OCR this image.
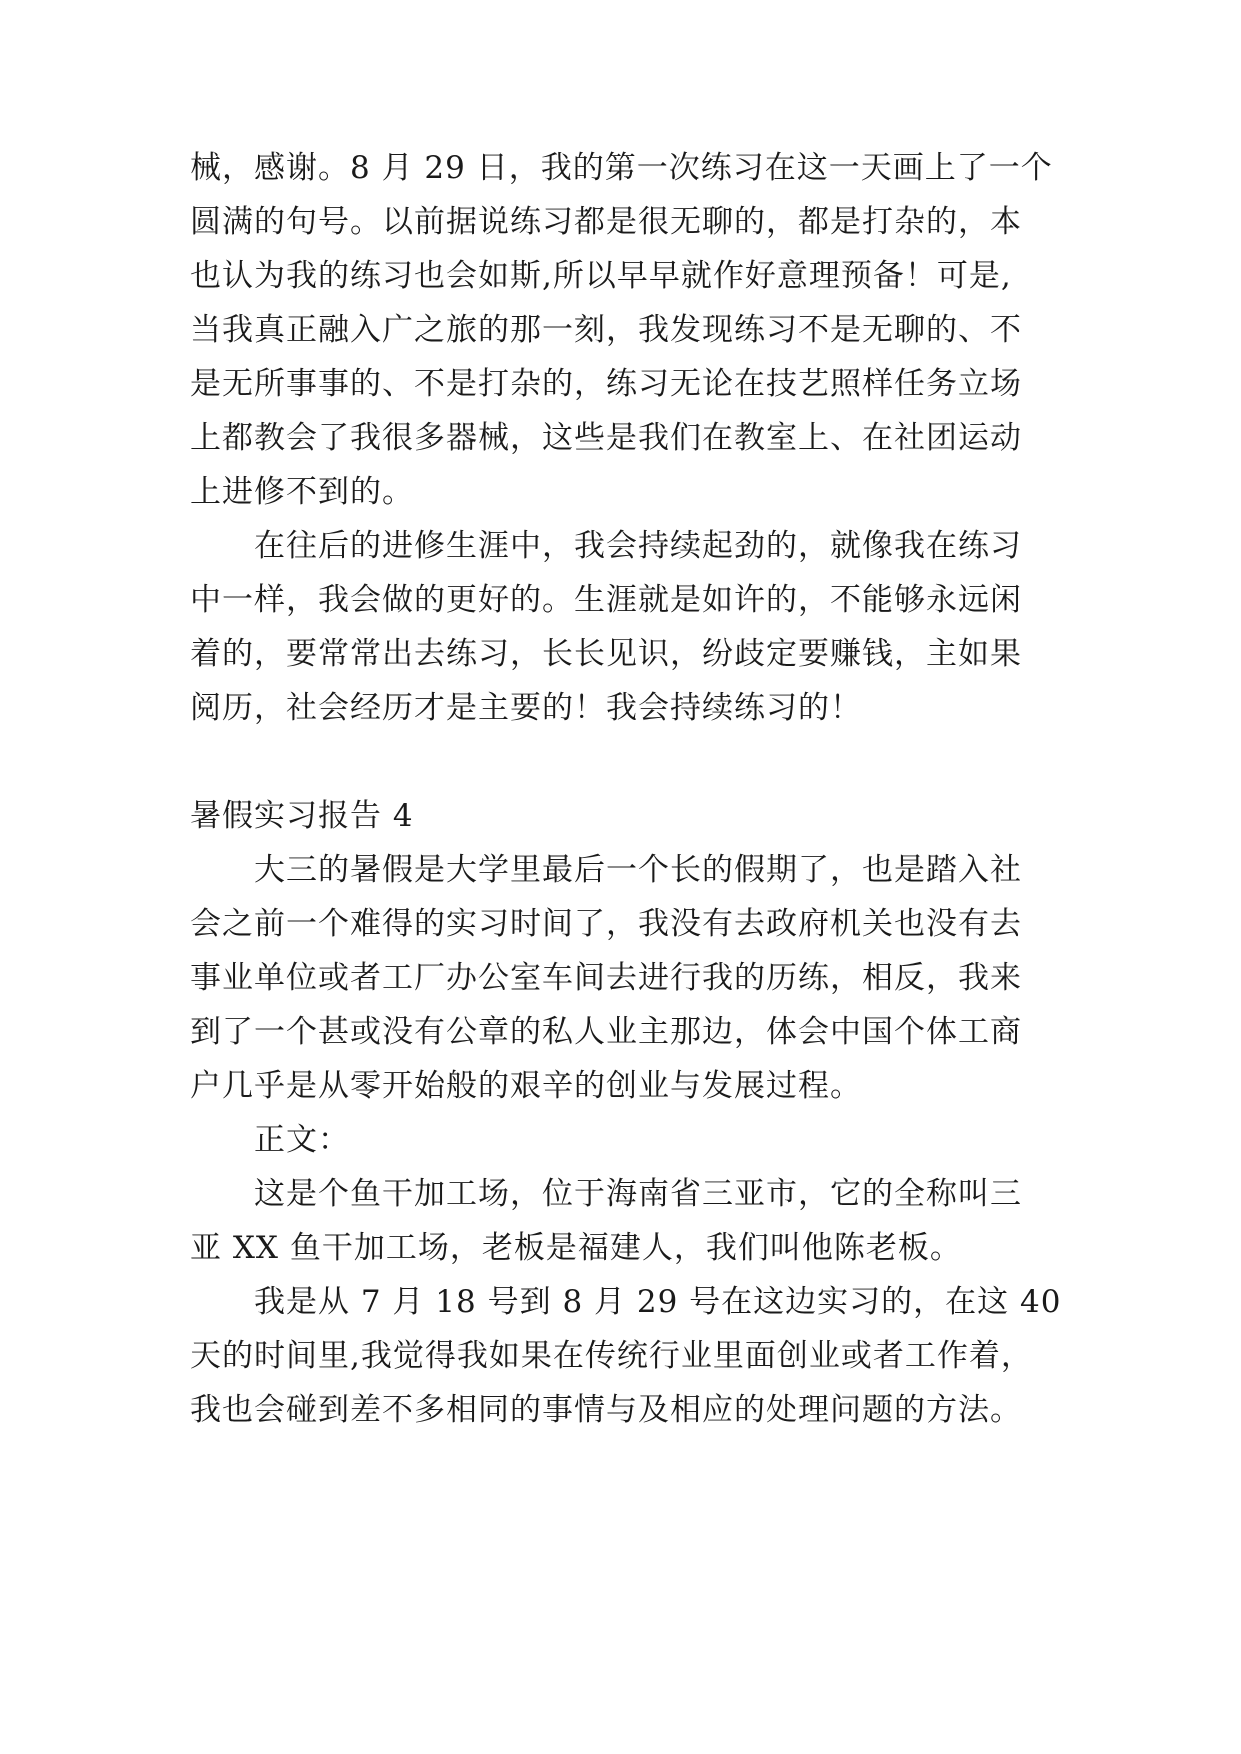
械，感谢。8 月 29 日，我的第一次练习在这一天画上了一个
圆满的句号。以前据说练习都是很无聊的，都是打杂的，本
也认为我的练习也会如斯,所以早早就作好意理预备！可是,
当我真正融入广之旅的那一刻，我发现练习不是无聊的、不
是无所事事的、不是打杂的，练习无论在技艺照样任务立场
上都教会了我很多器械，这些是我们在教室上、在社团运动
上进修不到的。
在往后的进修生涯中，我会持续起劲的，就像我在练习
中一样，我会做的更好的。生涯就是如许的，不能够永远闲
着的，要常常出去练习，长长见识，纷歧定要赚钱，主如果
阅历，社会经历才是主要的！我会持续练习的！
暑假实习报告 4
大三的暑假是大学里最后一个长的假期了，也是踏入社
会之前一个难得的实习时间了，我没有去政府机关也没有去
事业单位或者工厂办公室车间去进行我的历练，相反，我来
到了一个甚或没有公章的私人业主那边，体会中国个体工商
户几乎是从零开始般的艰辛的创业与发展过程。
正文：
这是个鱼干加工场，位于海南省三亚市，它的全称叫三
亚 XX 鱼干加工场，老板是福建人，我们叫他陈老板。
我是从 7 月 18 号到 8 月 29 号在这边实习的，在这 40
天的时间里,我觉得我如果在传统行业里面创业或者工作着，
我也会碰到差不多相同的事情与及相应的处理问题的方法。
